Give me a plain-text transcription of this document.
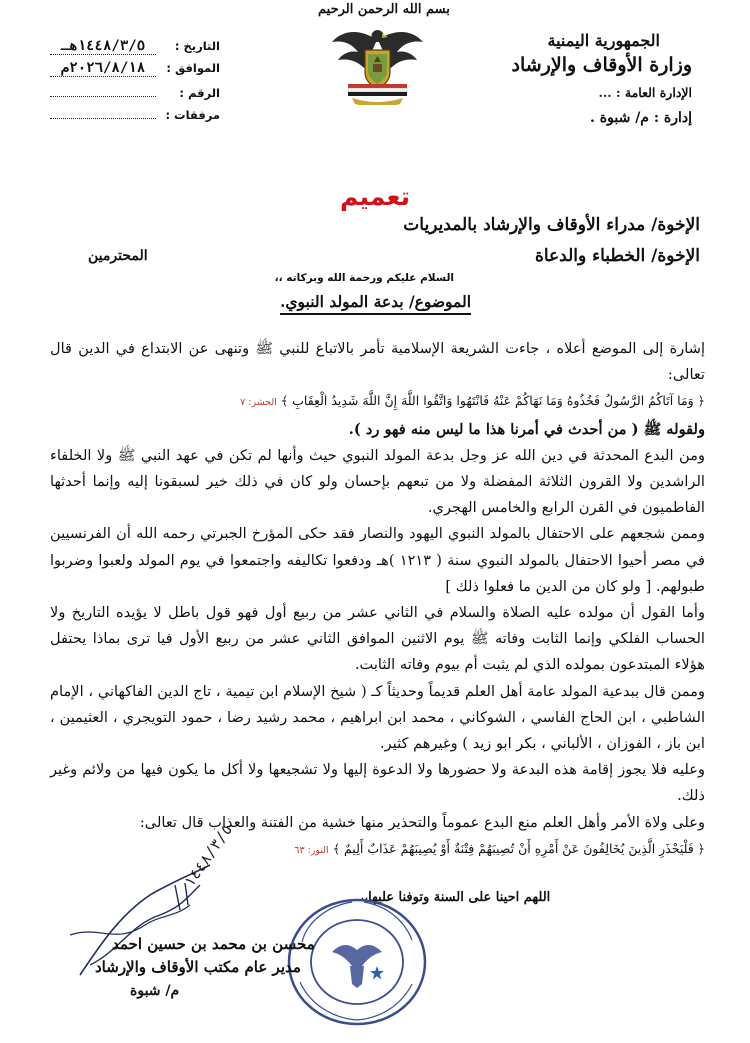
بسم الله الرحمن الرحيم
الجمهورية اليمنية
وزارة الأوقاف والإرشاد
الإدارة العامة : ...
إدارة : م/ شبوة .
التاريخ :
١٤٤٨/٣/٥هـ
الموافق :
٢٠٢٦/٨/١٨م
الرقم :
مرفقات :
تعميم
الإخوة/ مدراء الأوقاف والإرشاد بالمديريات
الإخوة/ الخطباء والدعاة
المحترمين
السلام عليكم ورحمة الله وبركاته ،،
الموضوع/ بدعة المولد النبوي.

إشارة إلى الموضع أعلاه ، جاءت الشريعة الإسلامية تأمر بالاتباع للنبي ﷺ وتنهى عن الابتداع في الدين قال تعالى:
﴿ وَمَا آتَاكُمُ الرَّسُولُ فَخُذُوهُ وَمَا نَهَاكُمْ عَنْهُ فَانْتَهُوا وَاتَّقُوا اللَّهَ إِنَّ اللَّهَ شَدِيدُ الْعِقَابِ ﴾ الحشر: ٧

ولقوله ﷺ ( من أحدث في أمرنا هذا ما ليس منه فهو رد ).

ومن البدع المحدثة في دين الله عز وجل بدعة المولد النبوي حيث وأنها لم تكن في عهد النبي ﷺ ولا الخلفاء الراشدين ولا القرون الثلاثة المفضلة ولا من تبعهم بإحسان ولو كان في ذلك خير لسبقونا إليه وإنما أحدثها الفاطميون في القرن الرابع والخامس الهجري.

وممن شجعهم على الاحتفال بالمولد النبوي اليهود والنصار فقد حكى المؤرخ الجبرتي رحمه الله أن الفرنسيين في مصر أحيوا الاحتفال بالمولد النبوي سنة ( ١٢١٣ )هـ ودفعوا تكاليفه واجتمعوا في يوم المولد ولعبوا وضربوا طبولهم. [ ولو كان من الدين ما فعلوا ذلك ]

وأما القول أن مولده عليه الصلاة والسلام في الثاني عشر من ربيع أول فهو قول باطل لا يؤيده التاريخ ولا الحساب الفلكي وإنما الثابت وفاته ﷺ يوم الاثنين الموافق الثاني عشر من ربيع الأول فيا ترى بماذا يحتفل هؤلاء المبتدعون بمولده الذي لم يثبت أم بيوم وفاته الثابت.

وممن قال ببدعية المولد عامة أهل العلم قديماً وحديثاً كـ ( شيخ الإسلام ابن تيمية ، تاج الدين الفاكهاني ، الإمام الشاطبي ، ابن الحاج الفاسي ، الشوكاني ، محمد ابن ابراهيم ، محمد رشيد رضا ، حمود التويجري ، العثيمين ، ابن باز ، الفوزان ، الألباني ، بكر ابو زيد ) وغيرهم كثير.

وعليه فلا يجوز إقامة هذه البدعة ولا حضورها ولا الدعوة إليها ولا تشجيعها ولا أكل ما يكون فيها من ولائم وغير ذلك.

وعلى ولاة الأمر وأهل العلم منع البدع عموماً والتحذير منها خشية من الفتنة والعذاب قال تعالى:
﴿ فَلْيَحْذَرِ الَّذِينَ يُخَالِفُونَ عَنْ أَمْرِهِ أَنْ تُصِيبَهُمْ فِتْنَةٌ أَوْ يُصِيبَهُمْ عَذَابٌ أَلِيمٌ ﴾ النور: ٦٣

اللهم احينا على السنة وتوفنا عليها،،
١٤٤٨/٣/٥
محسن بن محمد بن حسين احمد
مدير عام مكتب الأوقاف والإرشاد
م/ شبوة
